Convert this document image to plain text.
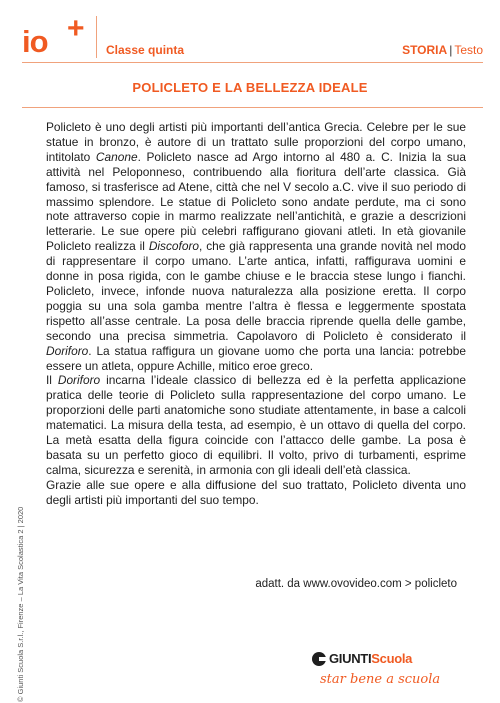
io +
Classe quinta	STORIA | Testo
POLICLETO E LA BELLEZZA IDEALE

Policleto è uno degli artisti più importanti dell’antica Grecia. Celebre per le sue statue in bronzo, è autore di un trattato sulle proporzioni del corpo umano, intitolato Canone. Policleto nasce ad Argo intorno al 480 a. C. Inizia la sua attività nel Peloponneso, contribuendo alla fioritura dell’arte classica. Già famoso, si trasferisce ad Atene, città che nel V secolo a.C. vive il suo periodo di massimo splendore. Le statue di Policleto sono andate perdute, ma ci sono note attraverso copie in marmo realizzate nell’antichità, e grazie a descrizioni letterarie. Le sue opere più celebri raffigurano giovani atleti. In età giovanile Policleto realizza il Discoforo, che già rappresenta una grande novità nel modo di rappresentare il corpo umano. L’arte antica, infatti, raffigurava uomini e donne in posa rigida, con le gambe chiuse e le braccia stese lungo i fianchi. Policleto, invece, infonde nuova naturalezza alla posizione eretta. Il corpo poggia su una sola gamba mentre l’altra è flessa e leggermente spostata rispetto all’asse centrale. La posa delle braccia riprende quella delle gambe, secondo una precisa simmetria. Capolavoro di Policleto è considerato il Doriforo. La statua raffigura un giovane uomo che porta una lancia: potrebbe essere un atleta, oppure Achille, mitico eroe greco.

Il Doriforo incarna l’ideale classico di bellezza ed è la perfetta applicazione pratica delle teorie di Policleto sulla rappresentazione del corpo umano. Le proporzioni delle parti anatomiche sono studiate attentamente, in base a calcoli matematici. La misura della testa, ad esempio, è un ottavo di quella del corpo. La metà esatta della figura coincide con l’attacco delle gambe. La posa è basata su un perfetto gioco di equilibri. Il volto, privo di turbamenti, esprime calma, sicurezza e serenità, in armonia con gli ideali dell’età classica.

Grazie alle sue opere e alla diffusione del suo trattato, Policleto diventa uno degli artisti più importanti del suo tempo.

adatt. da www.ovovideo.com > policleto
© Giunti Scuola S.r.l., Firenze – La Vita Scolastica 2 | 2020	GIUNTIScuola
star bene a scuola
